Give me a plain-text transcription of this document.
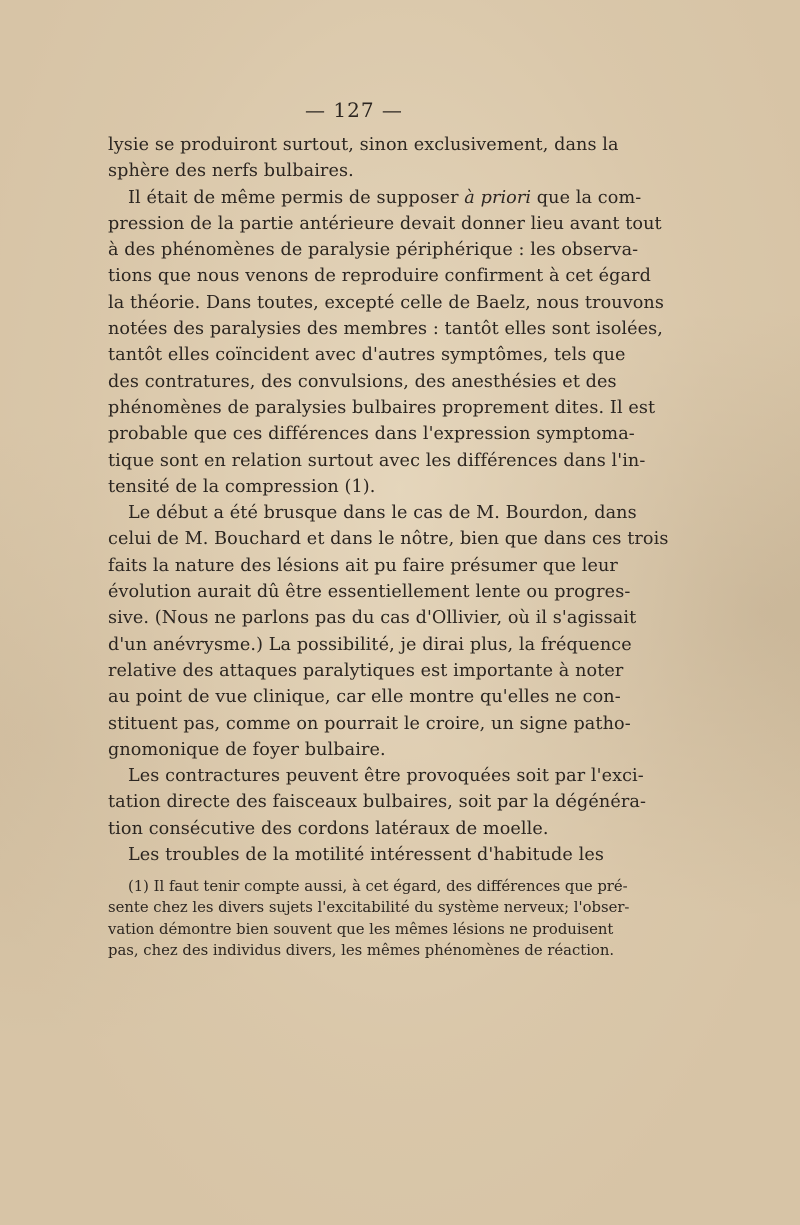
— 127 —
lysie se produiront surtout, sinon exclusivement, dans la
sphère des nerfs bulbaires.
Il était de même permis de supposer à priori que la com-
pression de la partie antérieure devait donner lieu avant tout
à des phénomènes de paralysie périphérique : les observa-
tions que nous venons de reproduire confirment à cet égard
la théorie. Dans toutes, excepté celle de Baelz, nous trouvons
notées des paralysies des membres : tantôt elles sont isolées,
tantôt elles coïncident avec d'autres symptômes, tels que
des contratures, des convulsions, des anesthésies et des
phénomènes de paralysies bulbaires proprement dites. Il est
probable que ces différences dans l'expression symptoma-
tique sont en relation surtout avec les différences dans l'in-
tensité de la compression (1).
Le début a été brusque dans le cas de M. Bourdon, dans
celui de M. Bouchard et dans le nôtre, bien que dans ces trois
faits la nature des lésions ait pu faire présumer que leur
évolution aurait dû être essentiellement lente ou progres-
sive. (Nous ne parlons pas du cas d'Ollivier, où il s'agissait
d'un anévrysme.) La possibilité, je dirai plus, la fréquence
relative des attaques paralytiques est importante à noter
au point de vue clinique, car elle montre qu'elles ne con-
stituent pas, comme on pourrait le croire, un signe patho-
gnomonique de foyer bulbaire.
Les contractures peuvent être provoquées soit par l'exci-
tation directe des faisceaux bulbaires, soit par la dégénéra-
tion consécutive des cordons latéraux de moelle.
Les troubles de la motilité intéressent d'habitude les
(1) Il faut tenir compte aussi, à cet égard, des différences que pré-
sente chez les divers sujets l'excitabilité du système nerveux; l'obser-
vation démontre bien souvent que les mêmes lésions ne produisent
pas, chez des individus divers, les mêmes phénomènes de réaction.
